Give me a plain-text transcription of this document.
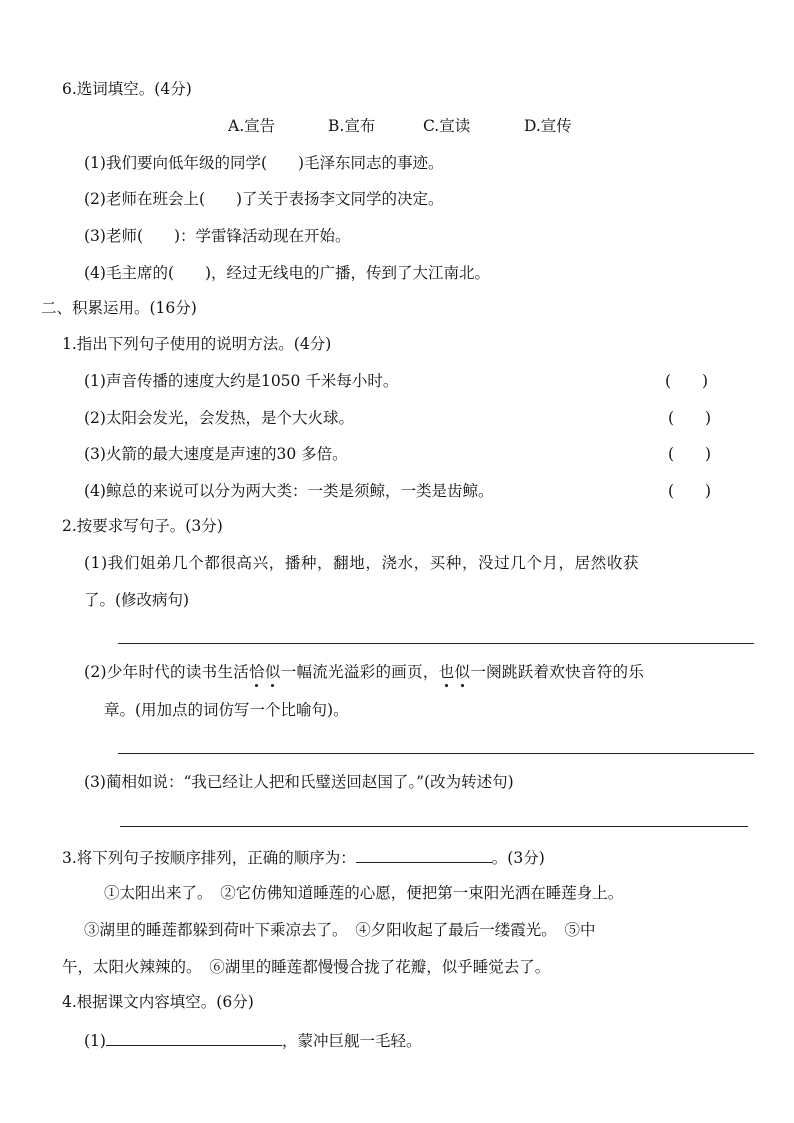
6.选词填空。(4分)
A.宣告	B.宣布	C.宣读	D.宣传
(1)我们要向低年级的同学(　　)毛泽东同志的事迹。
(2)老师在班会上(　　)了关于表扬李文同学的决定。
(3)老师(　　)：学雷锋活动现在开始。
(4)毛主席的(　　)，经过无线电的广播，传到了大江南北。
二、积累运用。(16分)
1.指出下列句子使用的说明方法。(4分)
(1)声音传播的速度大约是1050 千米每小时。	(　　)
(2)太阳会发光，会发热，是个大火球。	(　　)
(3)火箭的最大速度是声速的30 多倍。	(　　)
(4)鲸总的来说可以分为两大类：一类是须鲸，一类是齿鲸。	(　　)
2.按要求写句子。(3分)
(1)我们姐弟几个都很高兴，播种，翻地，浇水，买种，没过几个月，居然收获
了。(修改病句)
(2)少年时代的读书生活恰似一幅流光溢彩的画页，也似一阕跳跃着欢快音符的乐
章。(用加点的词仿写一个比喻句)。
(3)蔺相如说：“我已经让人把和氏璧送回赵国了。”(改为转述句)
3.将下列句子按顺序排列，正确的顺序为：	。(3分)
①太阳出来了。　②它仿佛知道睡莲的心愿，便把第一束阳光洒在睡莲身上。
③湖里的睡莲都躲到荷叶下乘凉去了。　④夕阳收起了最后一缕霞光。　⑤中
午，太阳火辣辣的。　⑥湖里的睡莲都慢慢合拢了花瓣，似乎睡觉去了。
4.根据课文内容填空。(6分)
(1)	，蒙冲巨舰一毛轻。
